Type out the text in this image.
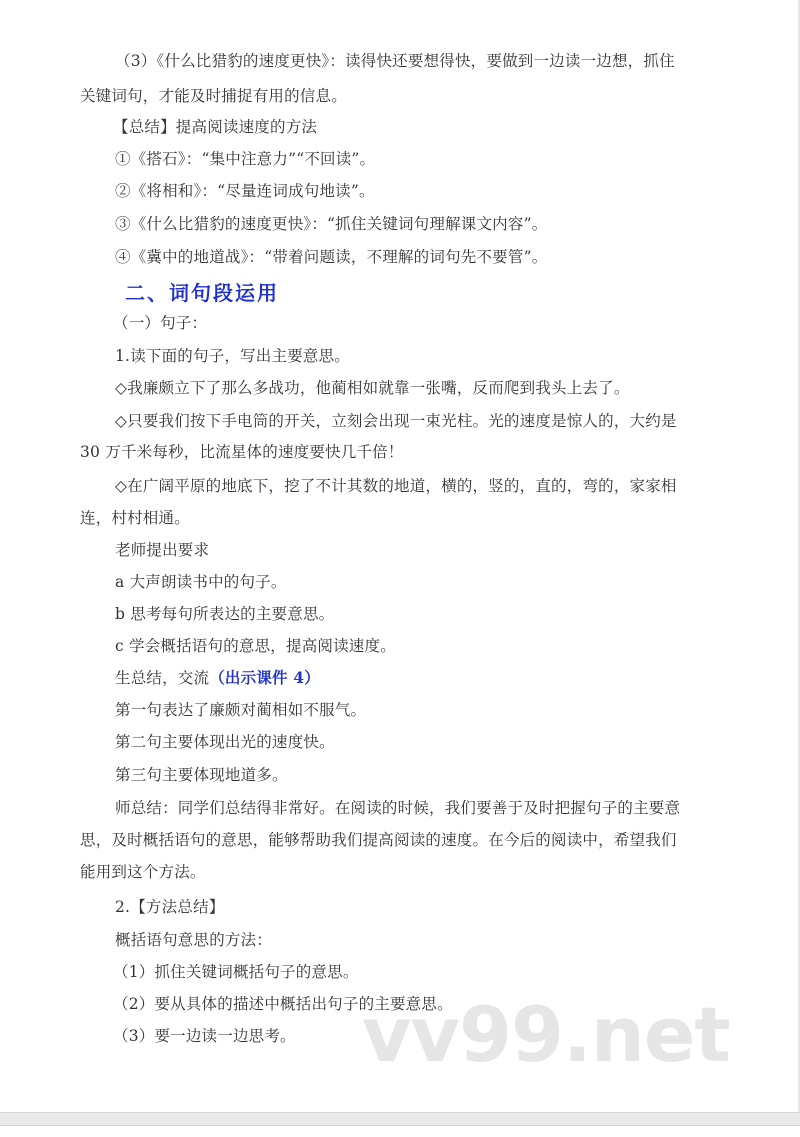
（3）《什么比猎豹的速度更快》：读得快还要想得快，要做到一边读一边想，抓住
关键词句，才能及时捕捉有用的信息。
【总结】提高阅读速度的方法
①《搭石》：“集中注意力”“不回读”。
②《将相和》：“尽量连词成句地读”。
③《什么比猎豹的速度更快》：“抓住关键词句理解课文内容”。
④《冀中的地道战》：“带着问题读，不理解的词句先不要管”。
二、词句段运用
（一）句子：
1.读下面的句子，写出主要意思。
◇我廉颇立下了那么多战功，他蔺相如就靠一张嘴，反而爬到我头上去了。
◇只要我们按下手电筒的开关，立刻会出现一束光柱。光的速度是惊人的，大约是
30 万千米每秒，比流星体的速度要快几千倍！
◇在广阔平原的地底下，挖了不计其数的地道，横的，竖的，直的，弯的，家家相
连，村村相通。
老师提出要求
a 大声朗读书中的句子。
b 思考每句所表达的主要意思。
c 学会概括语句的意思，提高阅读速度。
生总结，交流（出示课件 4）
第一句表达了廉颇对蔺相如不服气。
第二句主要体现出光的速度快。
第三句主要体现地道多。
师总结：同学们总结得非常好。在阅读的时候，我们要善于及时把握句子的主要意
思，及时概括语句的意思，能够帮助我们提高阅读的速度。在今后的阅读中，希望我们
能用到这个方法。
2.【方法总结】
概括语句意思的方法：
（1）抓住关键词概括句子的意思。
（2）要从具体的描述中概括出句子的主要意思。
（3）要一边读一边思考。 vv99.net
